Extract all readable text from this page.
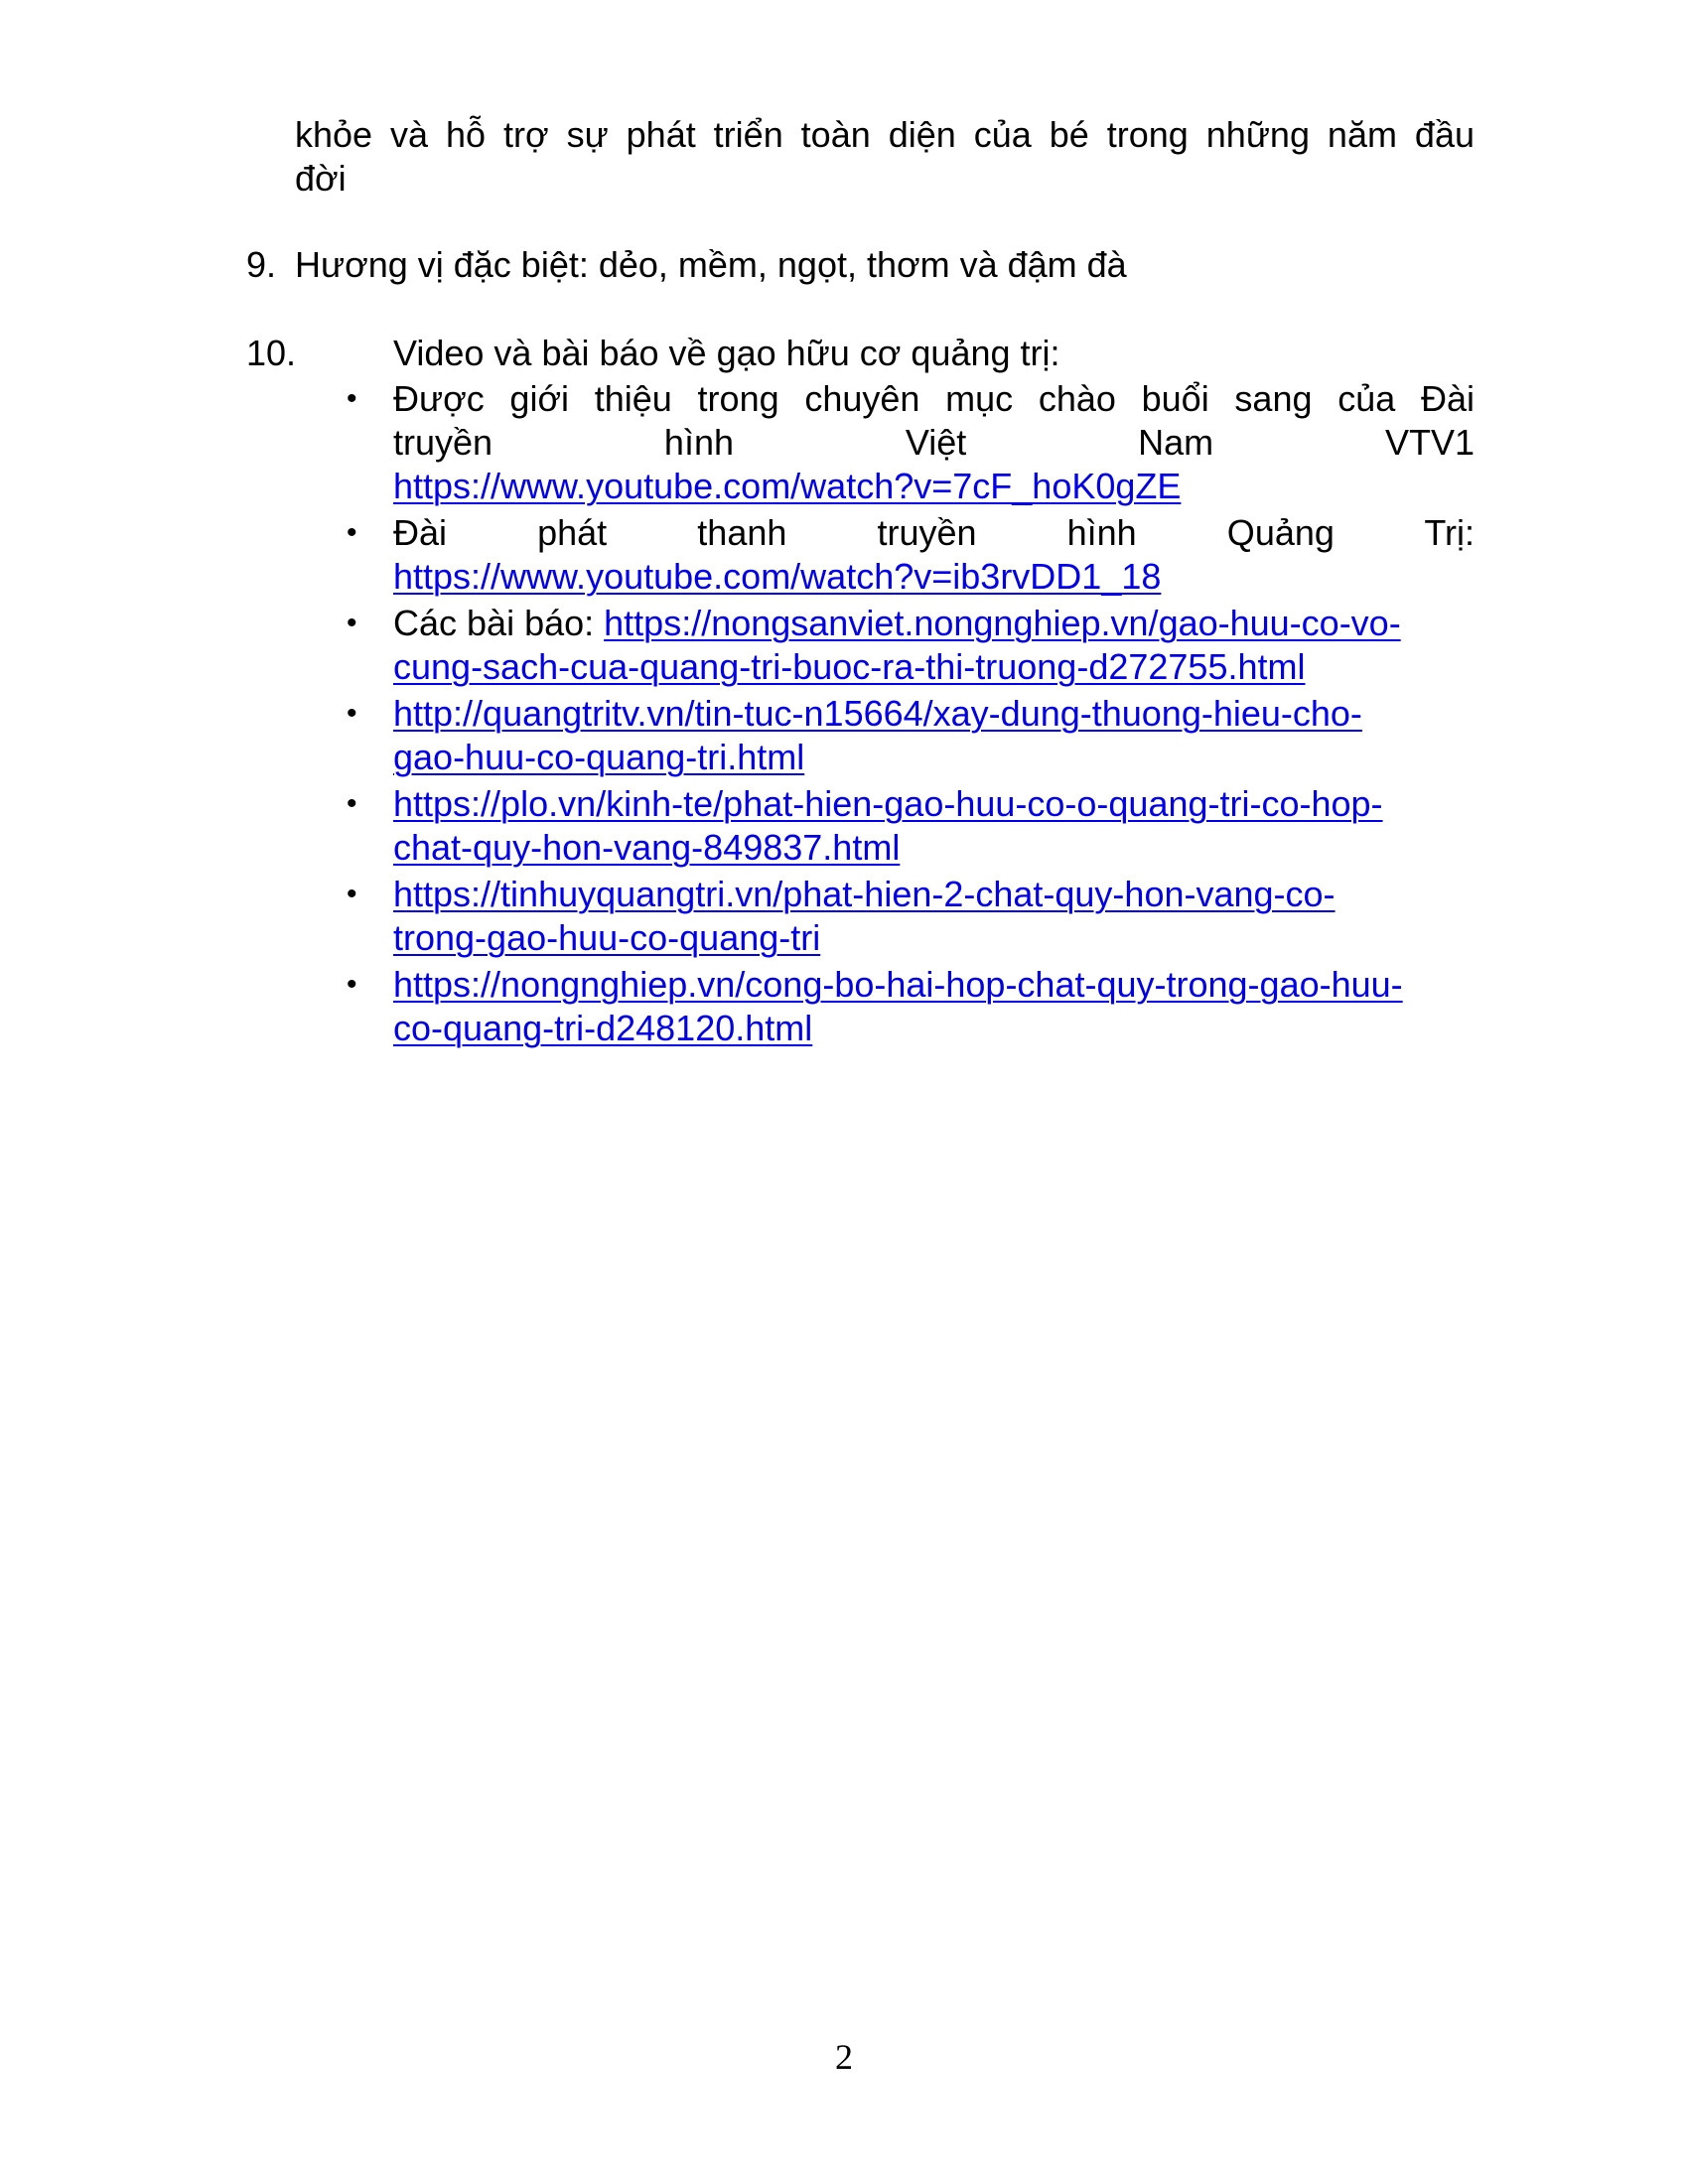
khỏe và hỗ trợ sự phát triển toàn diện của bé trong những năm đầu
đời
9. Hương vị đặc biệt: dẻo, mềm, ngọt, thơm và đậm đà
10.	Video và bài báo về gạo hữu cơ quảng trị:
• Được giới thiệu trong chuyên mục chào buổi sang của Đài
truyền hình Việt Nam VTV1
https://www.youtube.com/watch?v=7cF_hoK0gZE
• Đài phát thanh truyền hình Quảng Trị:
https://www.youtube.com/watch?v=ib3rvDD1_18
• Các bài báo: https://nongsanviet.nongnghiep.vn/gao-huu-co-vo-
cung-sach-cua-quang-tri-buoc-ra-thi-truong-d272755.html
• http://quangtritv.vn/tin-tuc-n15664/xay-dung-thuong-hieu-cho-
gao-huu-co-quang-tri.html
• https://plo.vn/kinh-te/phat-hien-gao-huu-co-o-quang-tri-co-hop-
chat-quy-hon-vang-849837.html
• https://tinhuyquangtri.vn/phat-hien-2-chat-quy-hon-vang-co-
trong-gao-huu-co-quang-tri
• https://nongnghiep.vn/cong-bo-hai-hop-chat-quy-trong-gao-huu-
co-quang-tri-d248120.html
2
